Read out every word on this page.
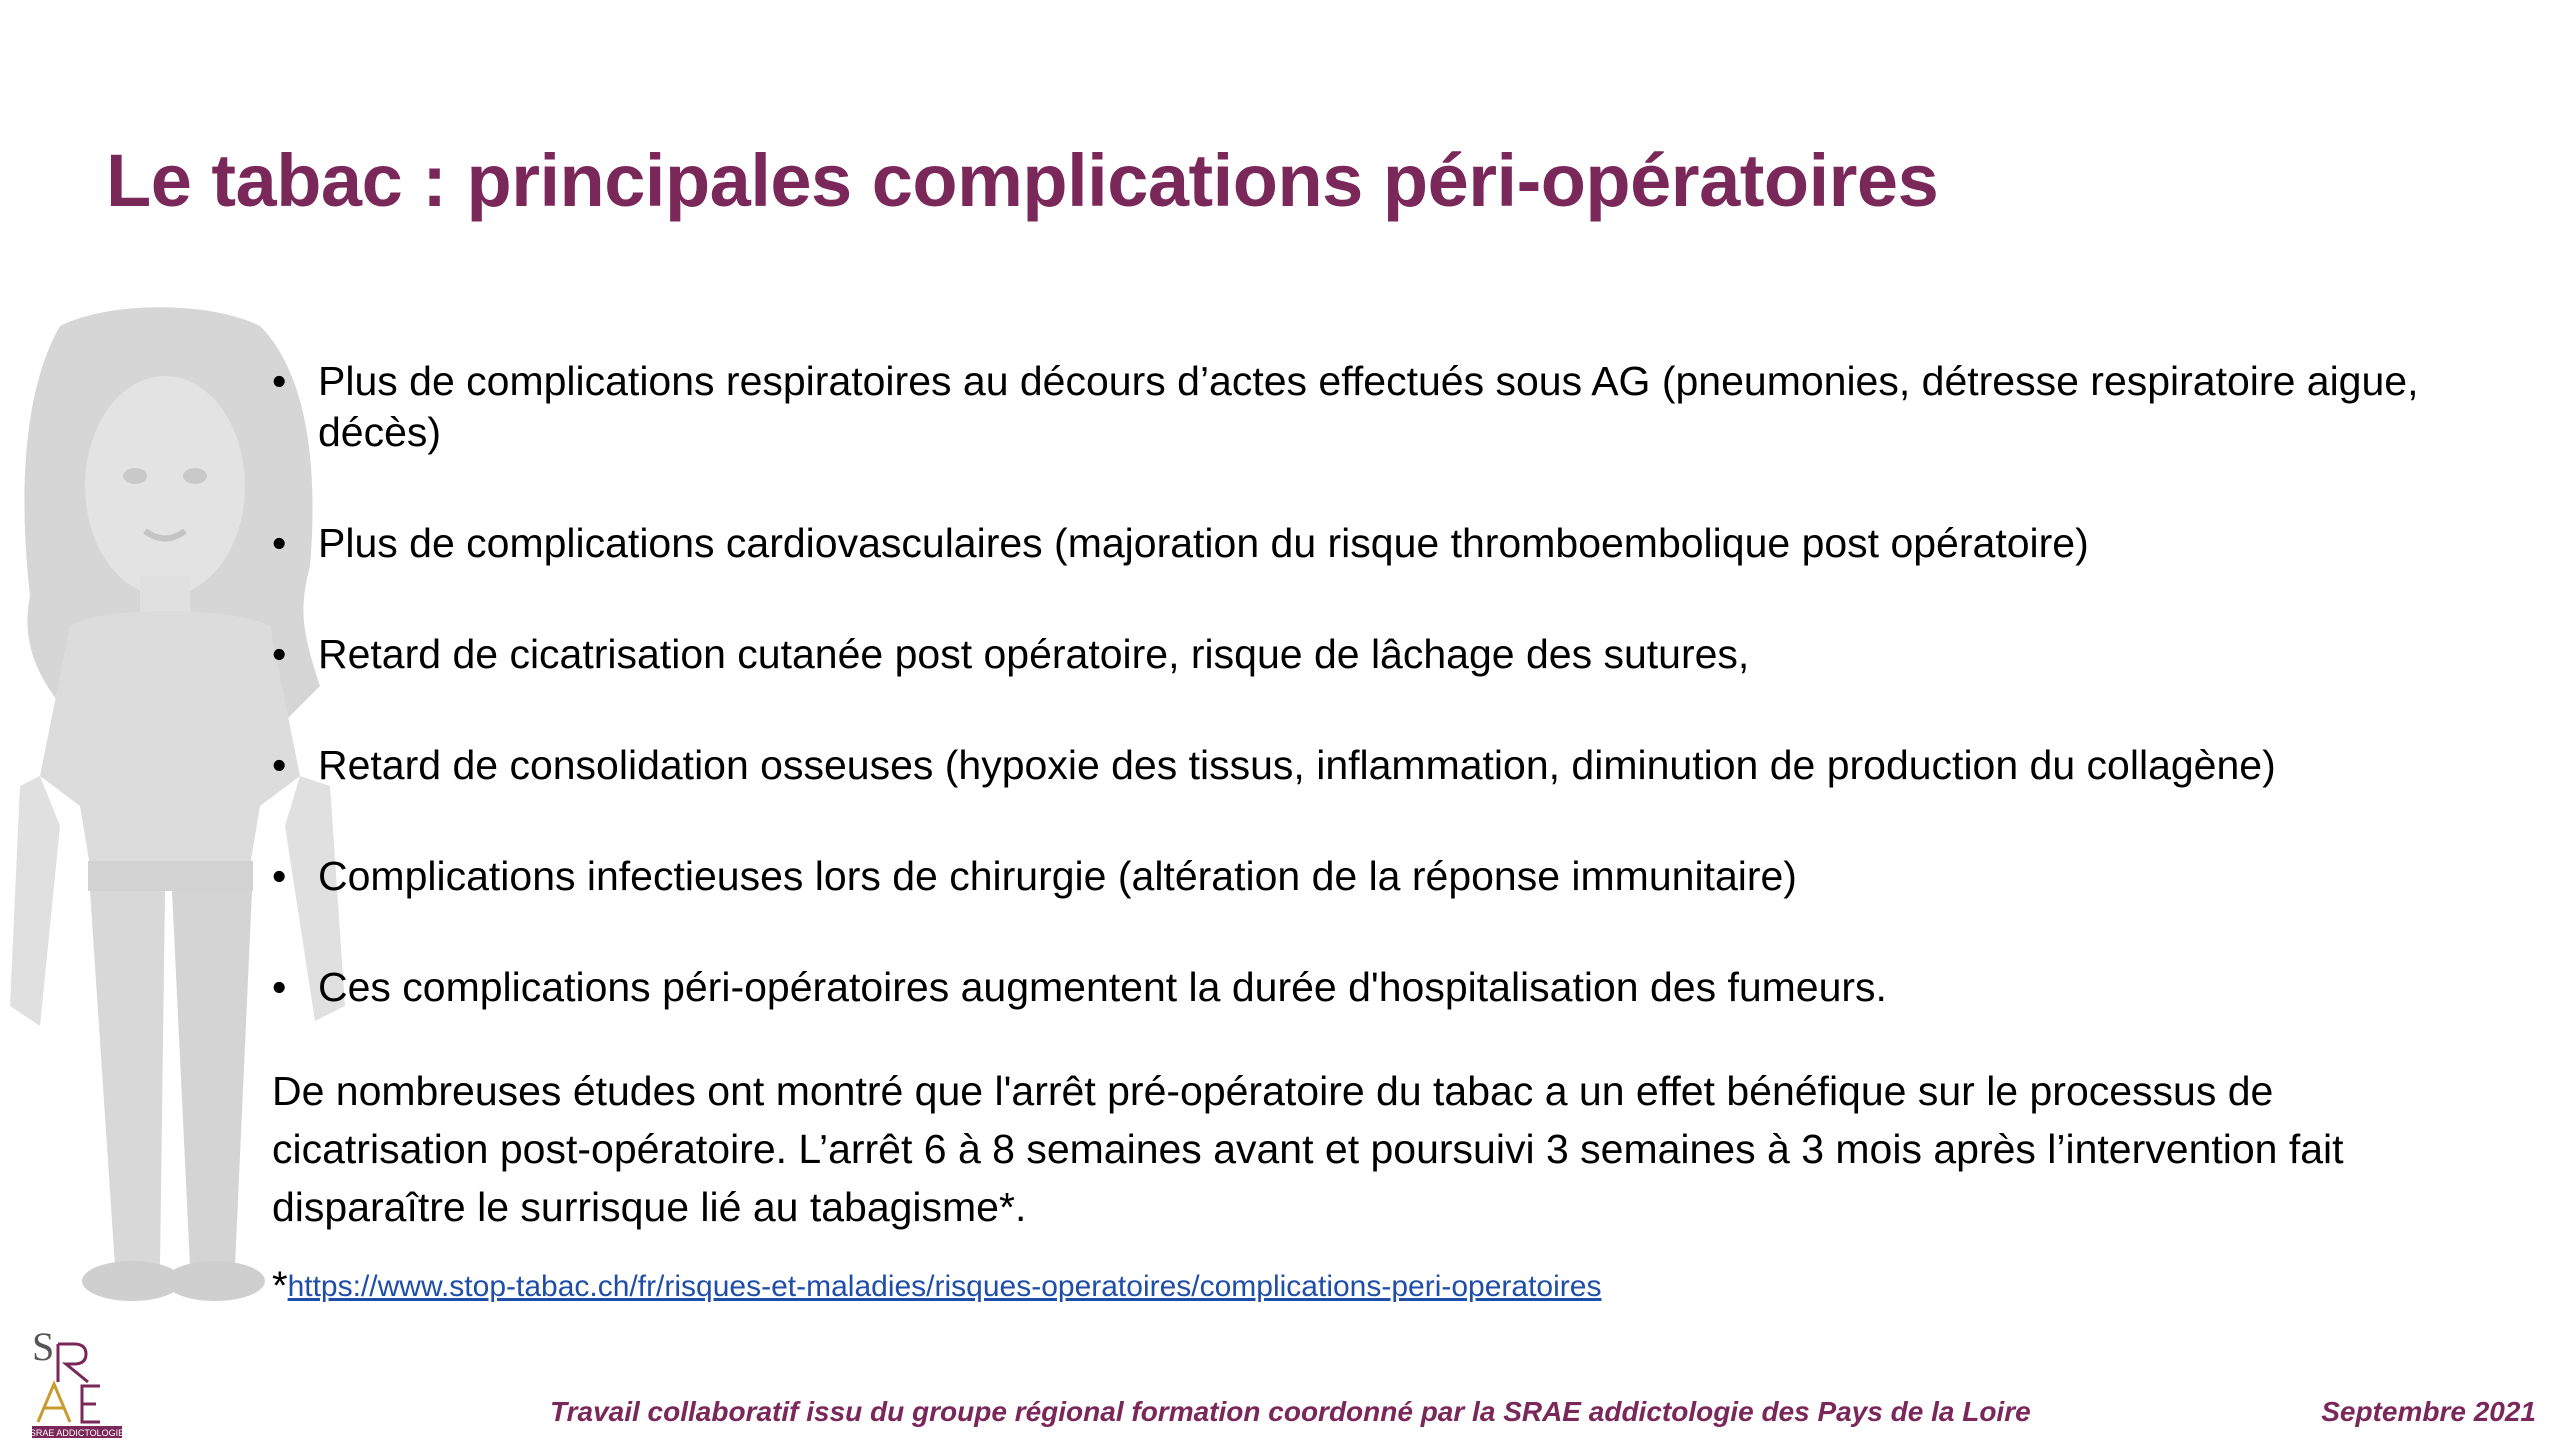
Le tabac : principales complications péri-opératoires
• Plus de complications respiratoires au décours d’actes effectués sous AG (pneumonies, détresse respiratoire aigue, décès)
• Plus de complications cardiovasculaires (majoration du risque thromboembolique post opératoire)
• Retard de cicatrisation cutanée post opératoire, risque de lâchage des sutures,
• Retard de consolidation osseuses (hypoxie des tissus, inflammation, diminution de production du collagène)
• Complications infectieuses lors de chirurgie (altération de la réponse immunitaire)
• Ces complications péri-opératoires augmentent la durée d'hospitalisation des fumeurs.

De nombreuses études ont montré que l'arrêt pré-opératoire du tabac a un effet bénéfique sur le processus de cicatrisation post-opératoire. L’arrêt 6 à 8 semaines avant et poursuivi 3 semaines à 3 mois après l’intervention fait disparaître le surrisque lié au tabagisme*.

*https://www.stop-tabac.ch/fr/risques-et-maladies/risques-operatoires/complications-peri-operatoires
S
SRAE ADDICTOLOGIE
Travail collaboratif issu du groupe régional formation coordonné par la SRAE addictologie des Pays de la Loire	Septembre 2021
